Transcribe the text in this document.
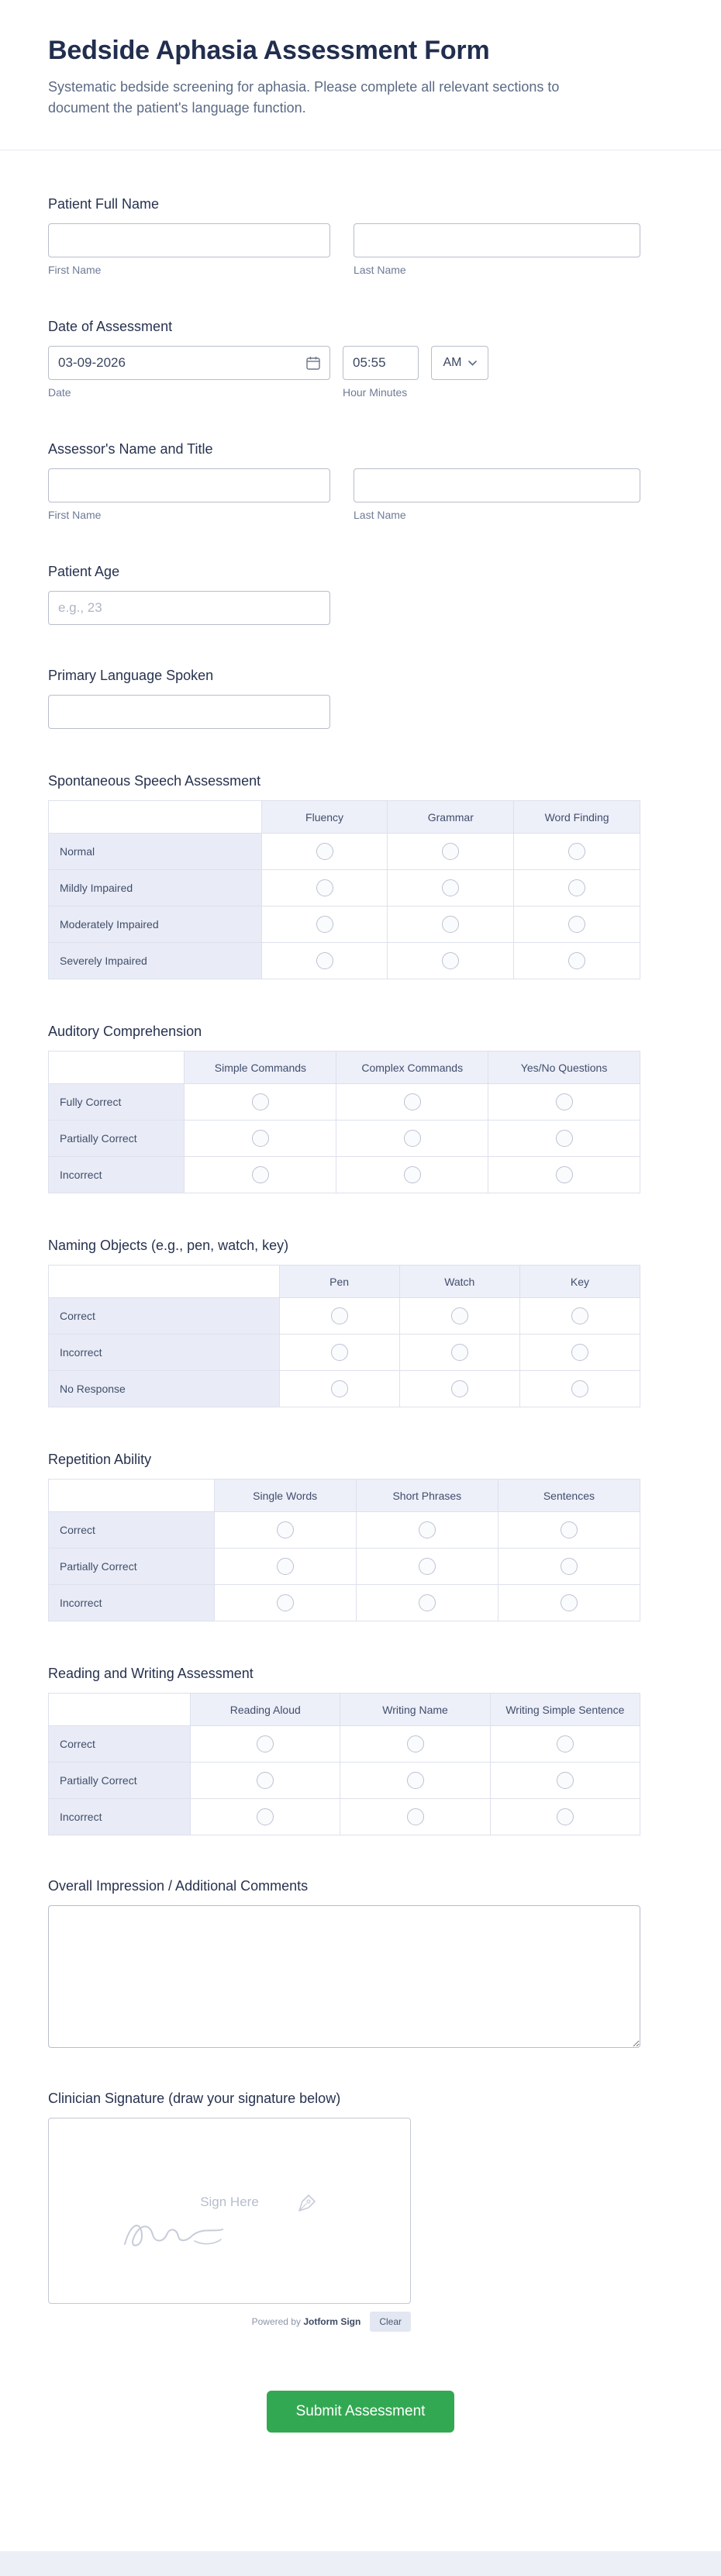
Bedside Aphasia Assessment Form

Systematic bedside screening for aphasia. Please complete all relevant sections to document the patient's language function.

Patient Full Name
First Name	Last Name
Date of Assessment
03-09-2026
Date
05:55	Hour Minutes
AM
Assessor's Name and Title
First Name	Last Name
Patient Age
e.g., 23
Primary Language Spoken
Spontaneous Speech Assessment
	Fluency	Grammar	Word Finding
Normal			
Mildly Impaired			
Moderately Impaired			
Severely Impaired			
Auditory Comprehension
	Simple Commands	Complex Commands	Yes/No Questions
Fully Correct			
Partially Correct			
Incorrect			
Naming Objects (e.g., pen, watch, key)
	Pen	Watch	Key
Correct			
Incorrect			
No Response			
Repetition Ability
	Single Words	Short Phrases	Sentences
Correct			
Partially Correct			
Incorrect			
Reading and Writing Assessment
	Reading Aloud	Writing Name	Writing Simple Sentence
Correct			
Partially Correct			
Incorrect			
Overall Impression / Additional Comments
Clinician Signature (draw your signature below)
Sign Here
Powered by Jotform Sign	Clear
Submit Assessment
